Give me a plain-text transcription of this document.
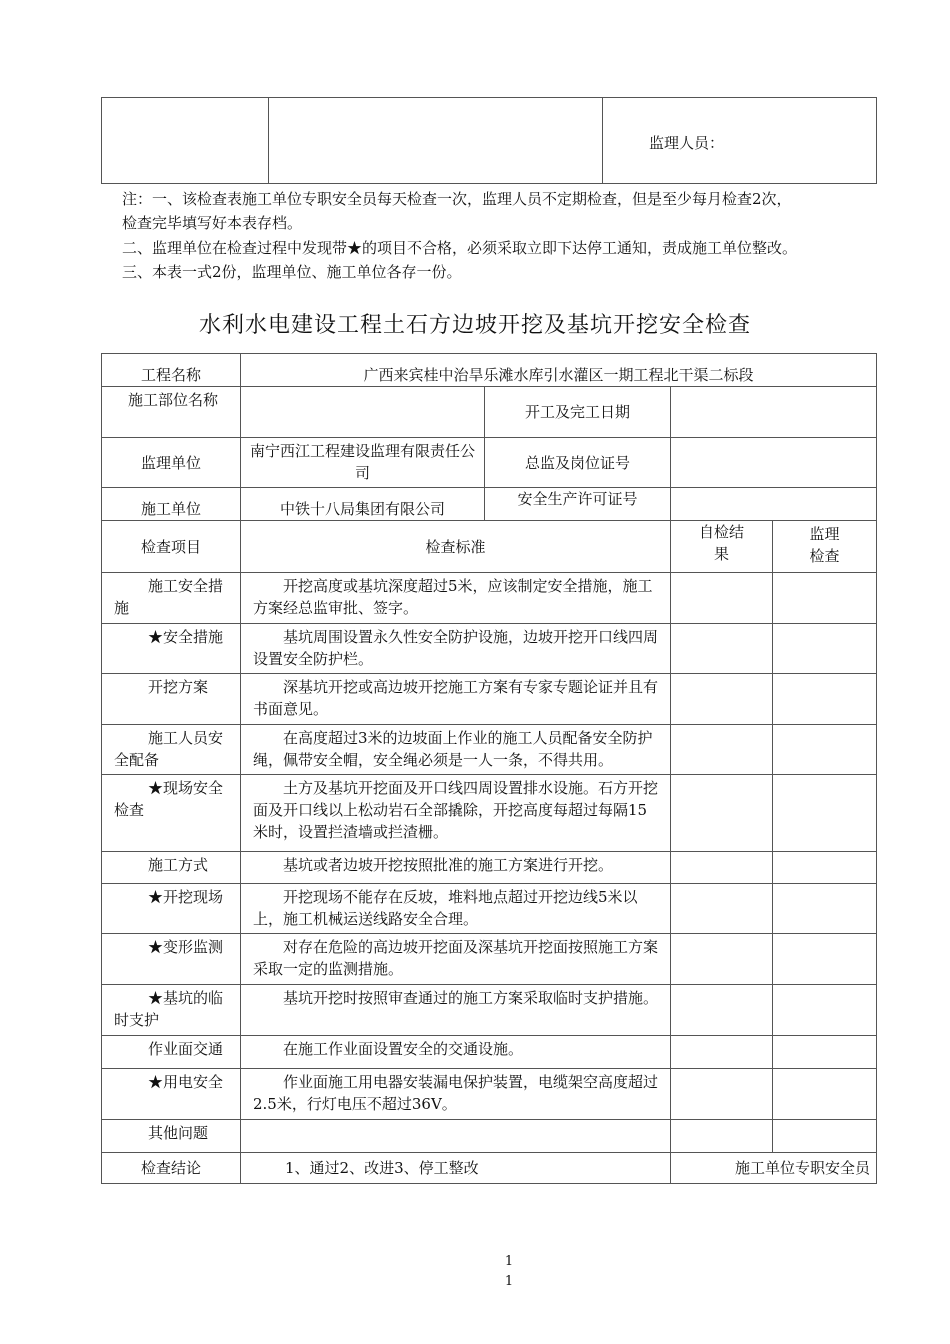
监理人员：
注：一、该检查表施工单位专职安全员每天检查一次，监理人员不定期检查，但是至少每月检查2次，
检查完毕填写好本表存档。
二、监理单位在检查过程中发现带★的项目不合格，必须采取立即下达停工通知，责成施工单位整改。
三、本表一式2份，监理单位、施工单位各存一份。
水利水电建设工程土石方边坡开挖及基坑开挖安全检查
工程名称	广西来宾桂中治旱乐滩水库引水灌区一期工程北干渠二标段			
施工部位名称		开工及完工日期		
监理单位	南宁西江工程建设监理有限责任公司	总监及岗位证号		
施工单位	中铁十八局集团有限公司	安全生产许可证号		
检查项目	检查标准		自检结果	监理检查
施工安全措施	开挖高度或基坑深度超过5米，应该制定安全措施，施工方案经总监审批、签字。			
★安全措施	基坑周围设置永久性安全防护设施，边坡开挖开口线四周设置安全防护栏。			
开挖方案	深基坑开挖或高边坡开挖施工方案有专家专题论证并且有书面意见。			
施工人员安全配备	在高度超过3米的边坡面上作业的施工人员配备安全防护绳，佩带安全帽，安全绳必须是一人一条，不得共用。			
★现场安全检查	土方及基坑开挖面及开口线四周设置排水设施。石方开挖面及开口线以上松动岩石全部撬除，开挖高度每超过每隔15米时，设置拦渣墙或拦渣栅。			
施工方式	基坑或者边坡开挖按照批准的施工方案进行开挖。			
★开挖现场	开挖现场不能存在反坡，堆料地点超过开挖边线5米以上，施工机械运送线路安全合理。			
★变形监测	对存在危险的高边坡开挖面及深基坑开挖面按照施工方案采取一定的监测措施。			
★基坑的临时支护	基坑开挖时按照审查通过的施工方案采取临时支护措施。			
作业面交通	在施工作业面设置安全的交通设施。			
★用电安全	作业面施工用电器安装漏电保护装置，电缆架空高度超过2.5米，行灯电压不超过36V。			
其他问题				
检查结论	1、通过2、改进3、停工整改		施工单位专职安全员	
1
1
